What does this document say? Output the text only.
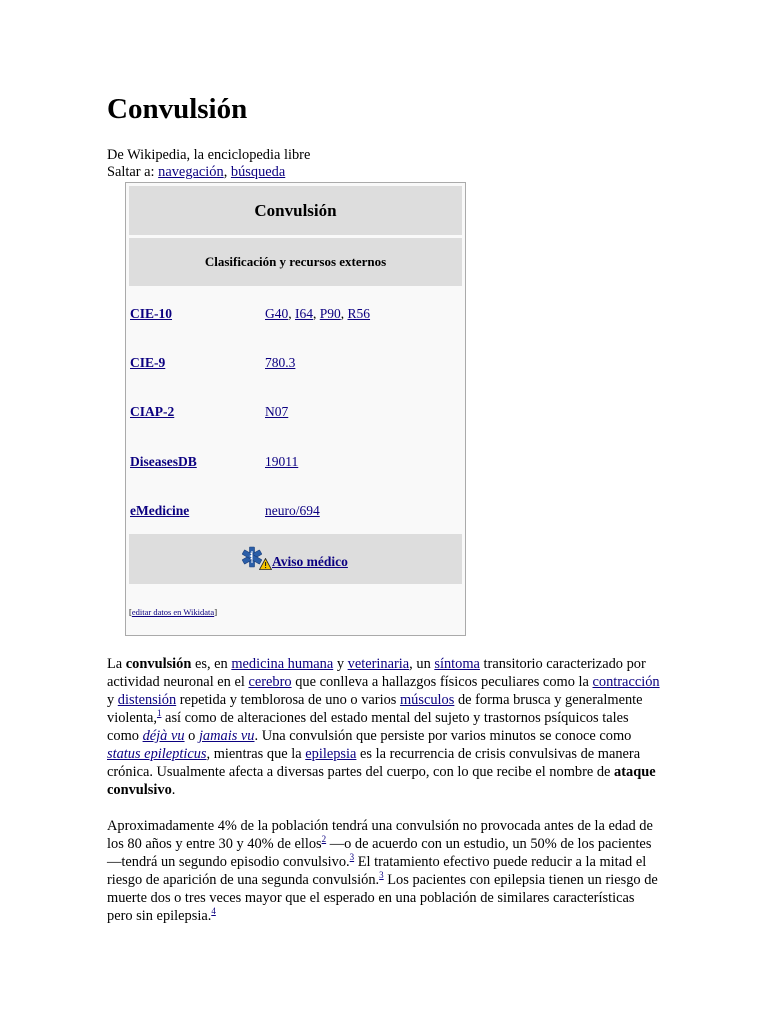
Convulsión
De Wikipedia, la enciclopedia libre
Saltar a: navegación, búsqueda
Convulsión
Clasificación y recursos externos
CIE-10	G40, I64, P90, R56
CIE-9	780.3
CIAP-2	N07
DiseasesDB	19011
eMedicine	neuro/694
Aviso médico
[editar datos en Wikidata]

La convulsión es, en medicina humana y veterinaria, un síntoma transitorio caracterizado por actividad neuronal en el cerebro que conlleva a hallazgos físicos peculiares como la contracción y distensión repetida y temblorosa de uno o varios músculos de forma brusca y generalmente violenta,$^1$ así como de alteraciones del estado mental del sujeto y trastornos psíquicos tales como déjà vu o jamais vu. Una convulsión que persiste por varios minutos se conoce como status epilepticus, mientras que la epilepsia es la recurrencia de crisis convulsivas de manera crónica. Usualmente afecta a diversas partes del cuerpo, con lo que recibe el nombre de ataque convulsivo.

Aproximadamente 4% de la población tendrá una convulsión no provocada antes de la edad de los 80 años y entre 30 y 40% de ellos$^2$ —o de acuerdo con un estudio, un 50% de los pacientes—tendrá un segundo episodio convulsivo.$^3$ El tratamiento efectivo puede reducir a la mitad el riesgo de aparición de una segunda convulsión.$^3$ Los pacientes con epilepsia tienen un riesgo de muerte dos o tres veces mayor que el esperado en una población de similares características pero sin epilepsia.$^4$
